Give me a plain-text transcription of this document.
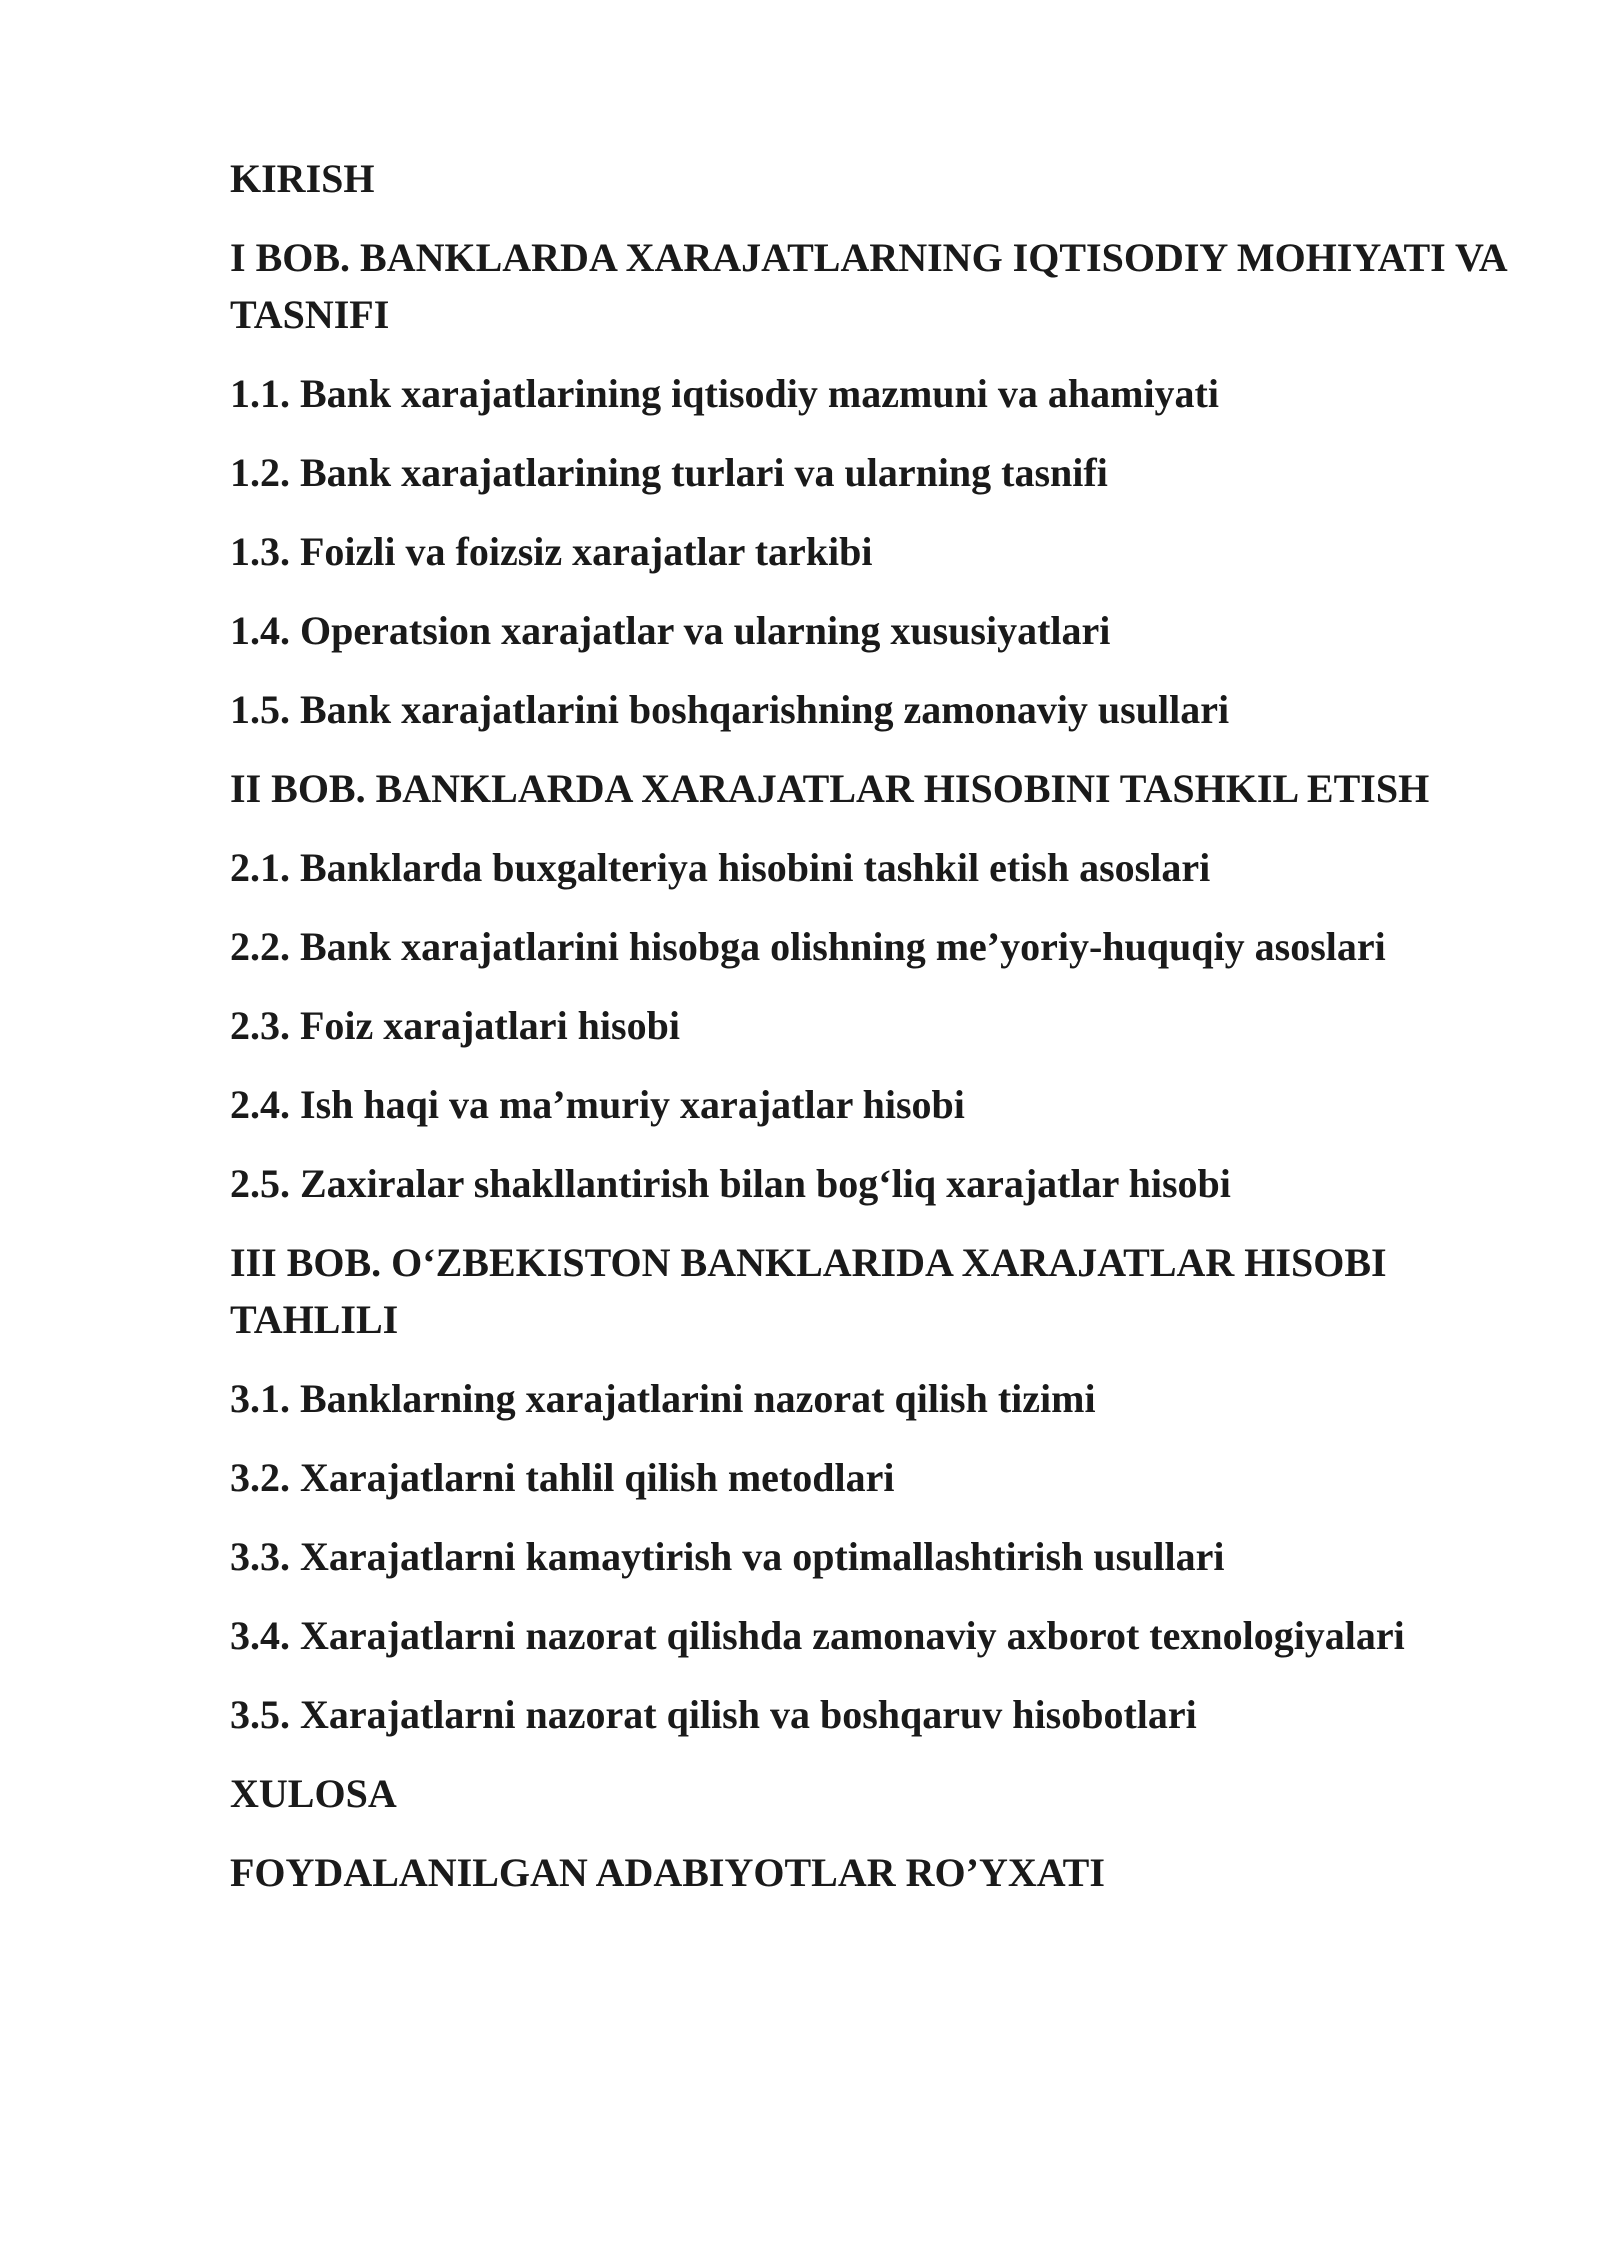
KIRISH
I BOB. BANKLARDA XARAJATLARNING IQTISODIY MOHIYATI VA TASNIFI
1.1. Bank xarajatlarining iqtisodiy mazmuni va ahamiyati
1.2. Bank xarajatlarining turlari va ularning tasnifi
1.3. Foizli va foizsiz xarajatlar tarkibi
1.4. Operatsion xarajatlar va ularning xususiyatlari
1.5. Bank xarajatlarini boshqarishning zamonaviy usullari
II BOB. BANKLARDA XARAJATLAR HISOBINI TASHKIL ETISH
2.1. Banklarda buxgalteriya hisobini tashkil etish asoslari
2.2. Bank xarajatlarini hisobga olishning me’yoriy-huquqiy asoslari
2.3. Foiz xarajatlari hisobi
2.4. Ish haqi va ma’muriy xarajatlar hisobi
2.5. Zaxiralar shakllantirish bilan bog‘liq xarajatlar hisobi
III BOB. O‘ZBEKISTON BANKLARIDA XARAJATLAR HISOBI TAHLILI
3.1. Banklarning xarajatlarini nazorat qilish tizimi
3.2. Xarajatlarni tahlil qilish metodlari
3.3. Xarajatlarni kamaytirish va optimallashtirish usullari
3.4. Xarajatlarni nazorat qilishda zamonaviy axborot texnologiyalari
3.5. Xarajatlarni nazorat qilish va boshqaruv hisobotlari
XULOSA
FOYDALANILGAN ADABIYOTLAR RO’YXATI
